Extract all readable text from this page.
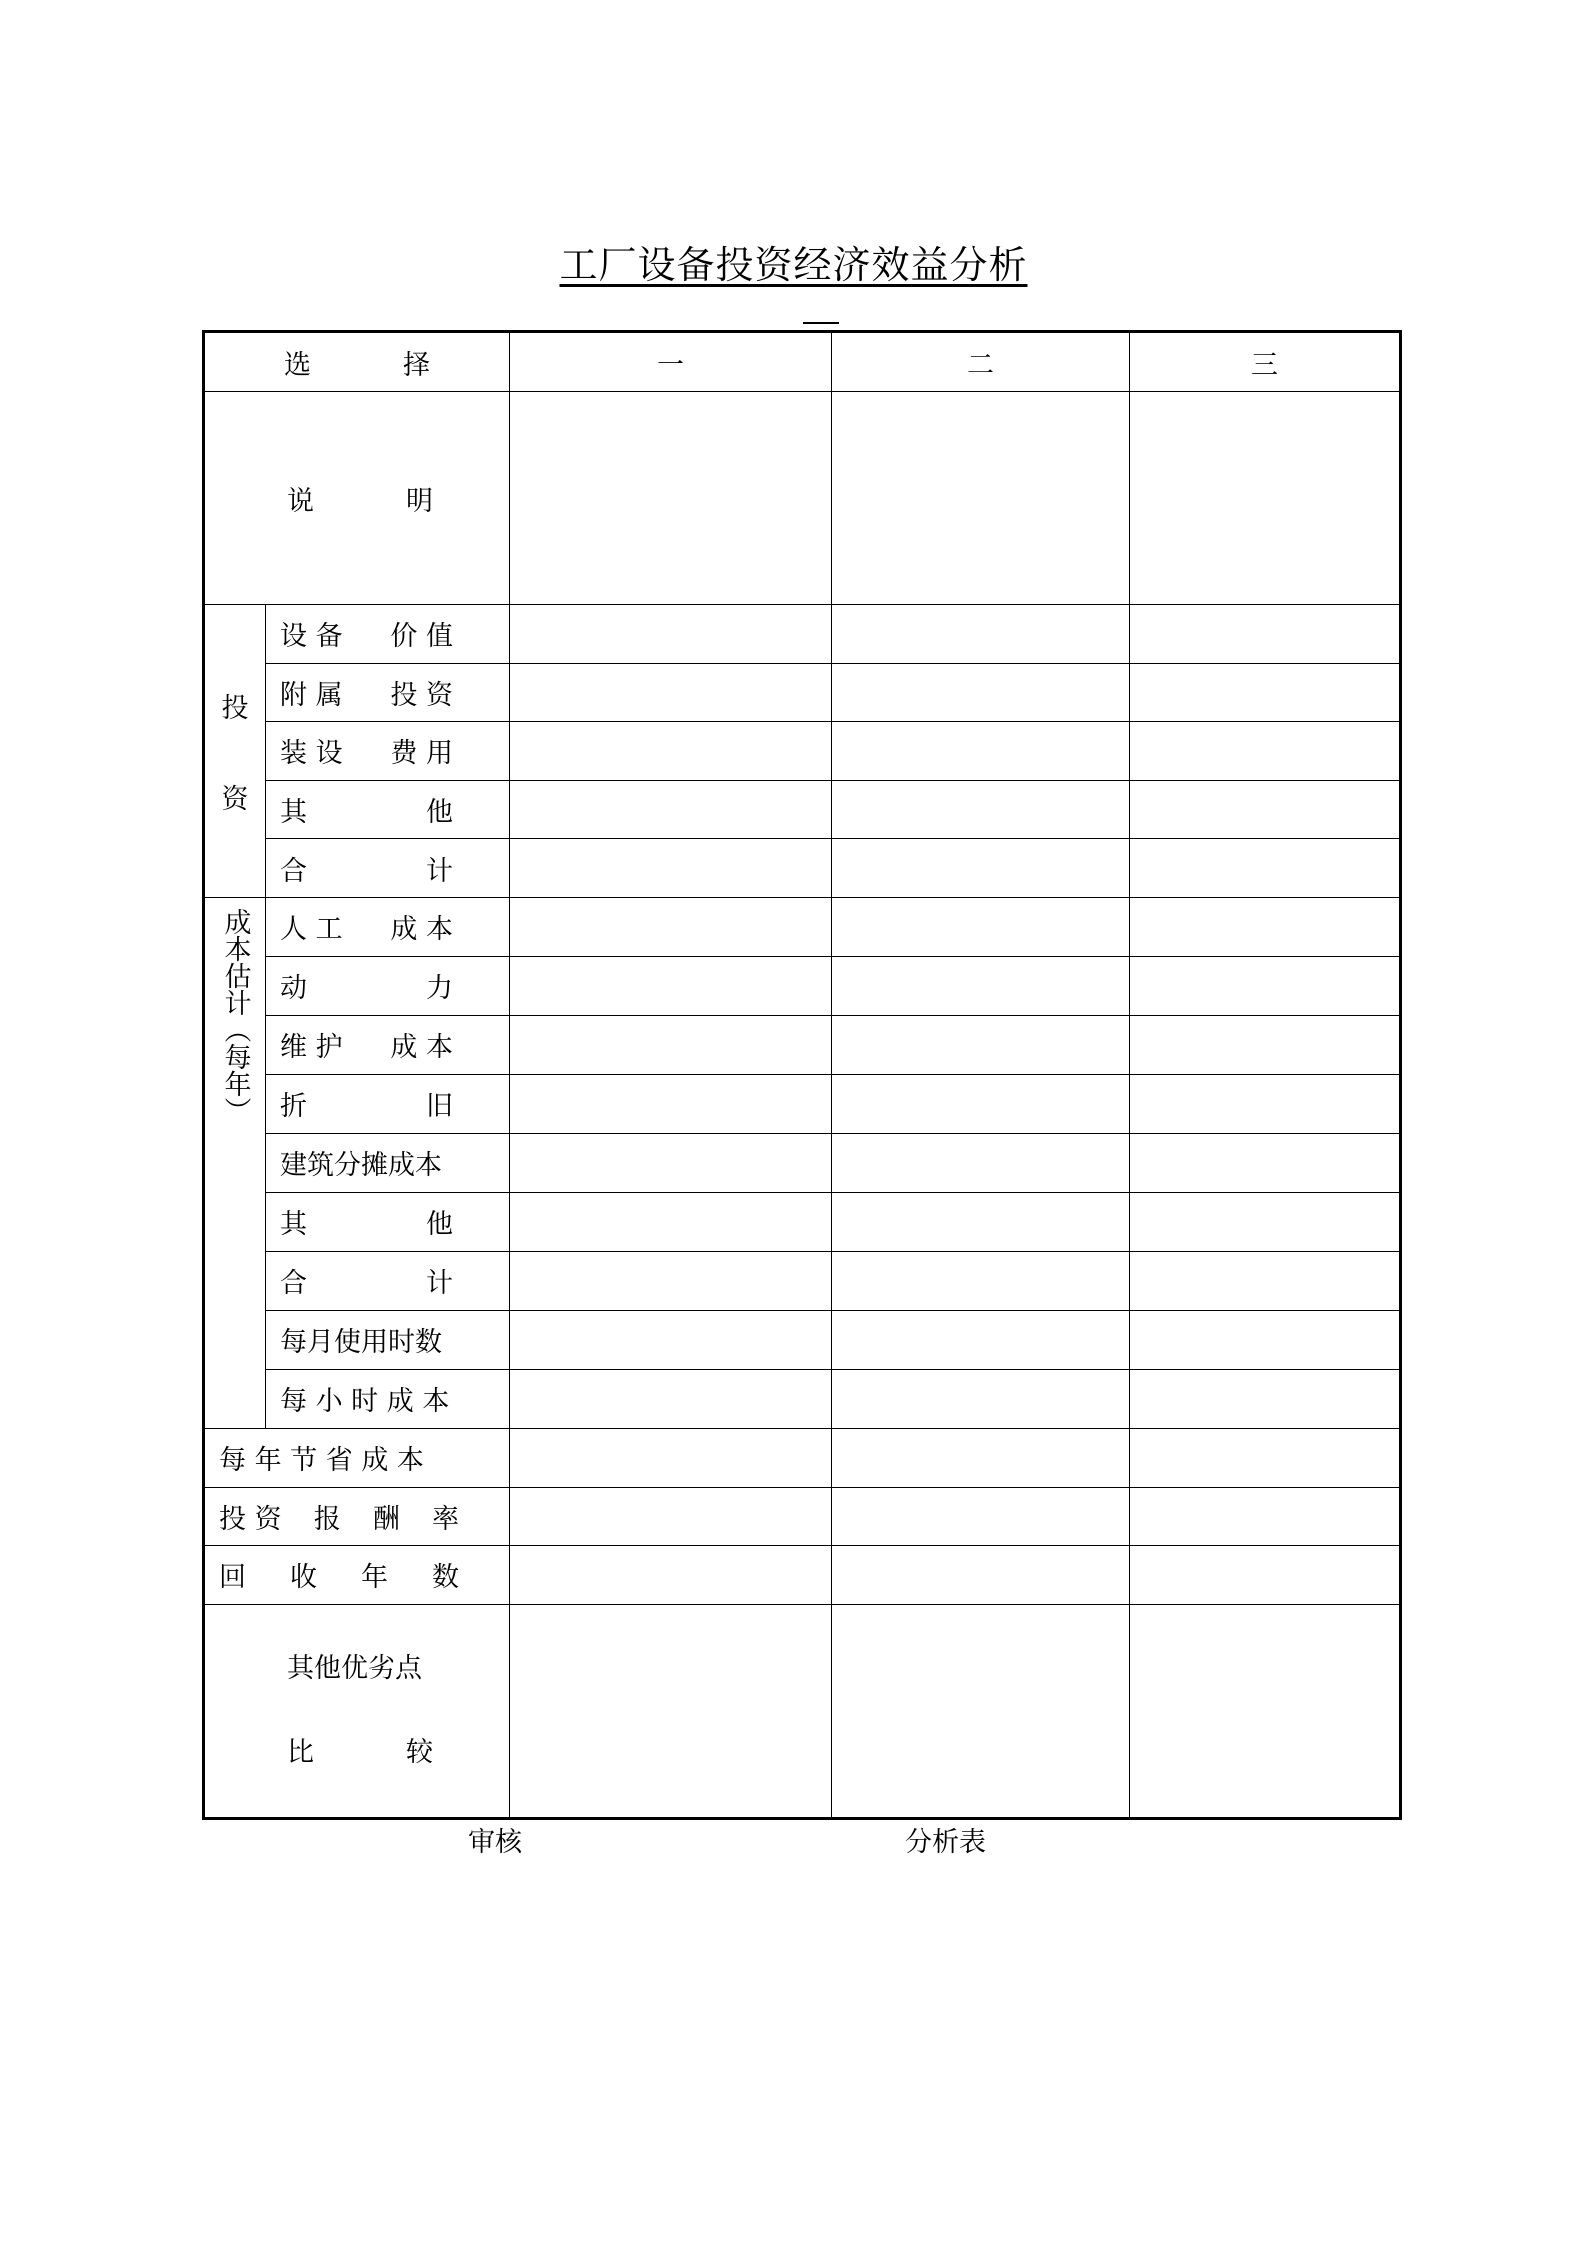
工厂设备投资经济效益分析
选 择		一	二	三

说 明				

投
资	设 备 价 值			

	附 属 投 资			

	装 设 费 用			

	其 他			

	合 计			

成本估计（每年）	人 工 成 本			

	动 力			

	维 护 成 本			

	折 旧			

	建筑分摊成本			

	其 他			

	合 计			

	每月使用时数			

	每 小 时 成 本			

每 年 节 省 成 本				

投 资 报 酬 率				

回 收 年 数				

其他优劣点
比 较				

审核	分析表
